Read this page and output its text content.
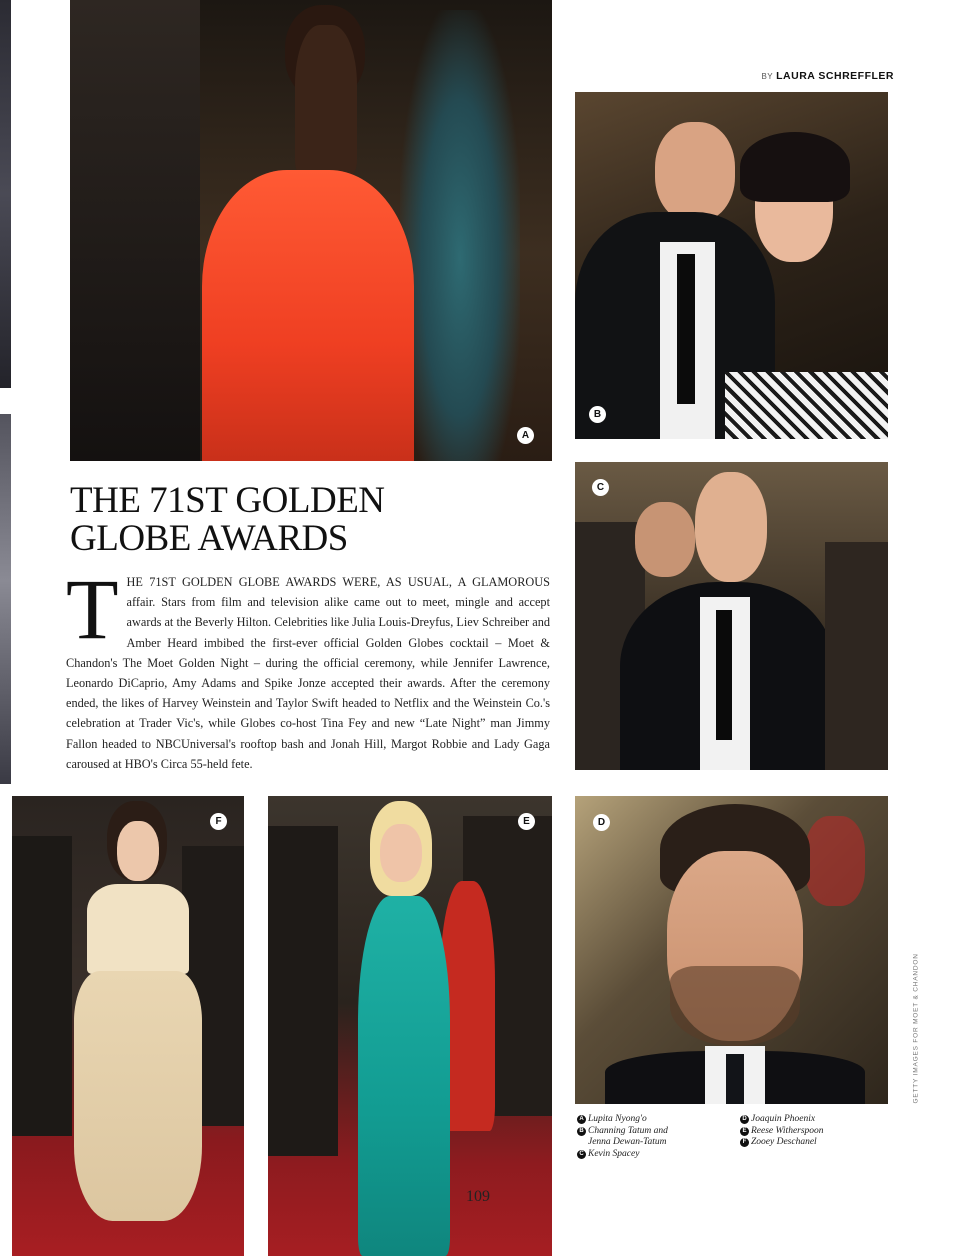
A
BY LAURA SCHREFFLER
B
THE 71ST GOLDEN
GLOBE AWARDS
C
T HE 71ST GOLDEN GLOBE AWARDS WERE, AS USUAL, A GLAMOROUS affair. Stars from film and television alike came out to meet, mingle and accept awards at the Beverly Hilton. Celebrities like Julia Louis-Dreyfus, Liev Schreiber and Amber Heard imbibed the first-ever official Golden Globes cocktail – Moet & Chandon's The Moet Golden Night – during the official ceremony, while Jennifer Lawrence, Leonardo DiCaprio, Amy Adams and Spike Jonze accepted their awards. After the ceremony ended, the likes of Harvey Weinstein and Taylor Swift headed to Netflix and the Weinstein Co.'s celebration at Trader Vic's, while Globes co-host Tina Fey and new “Late Night” man Jimmy Fallon headed to NBCUniversal's rooftop bash and Jonah Hill, Margot Robbie and Lady Gaga caroused at HBO's Circa 55-held fete.

F	E	D
A Lupita Nyong'o
B Channing Tatum and Jenna Dewan-Tatum
C Kevin Spacey
D Joaquin Phoenix
E Reese Witherspoon
F Zooey Deschanel
GETTY IMAGES FOR MOET & CHANDON
109
